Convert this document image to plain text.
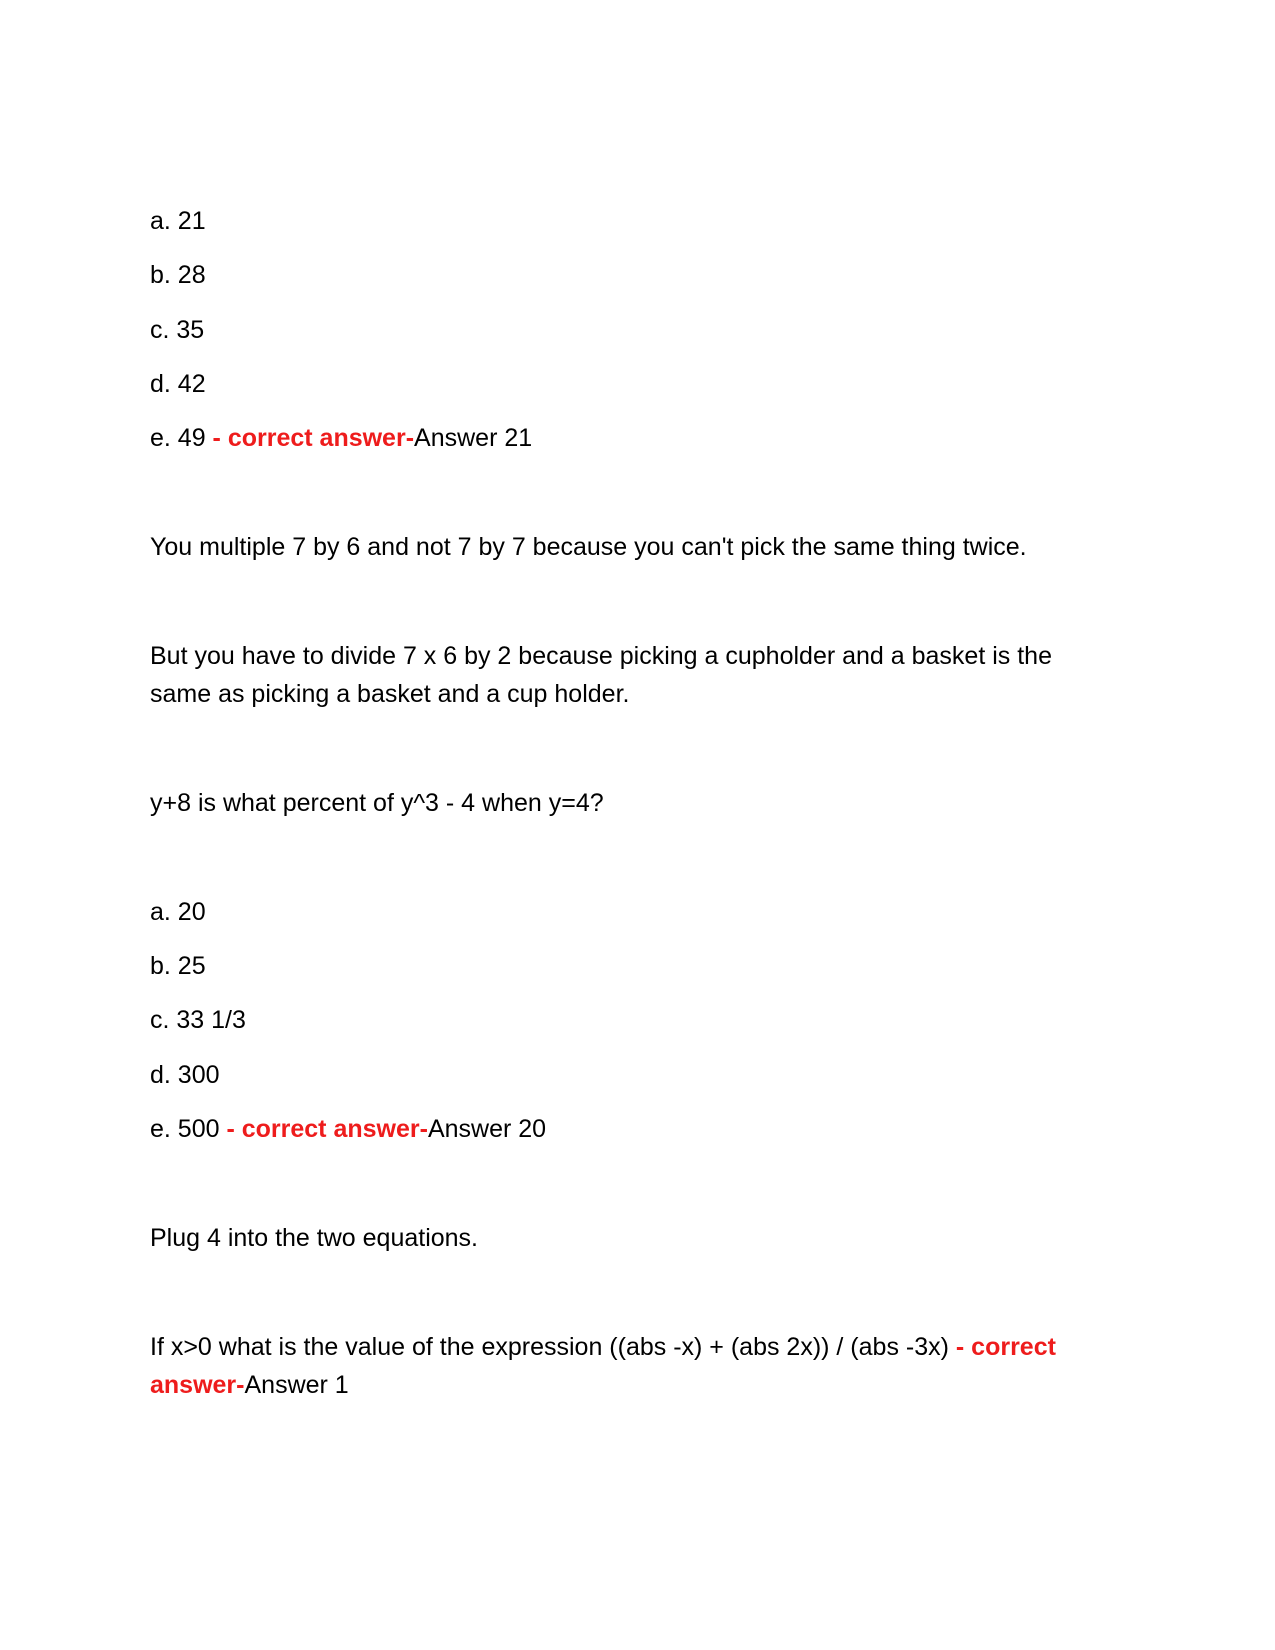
a. 21
b. 28
c. 35
d. 42
e. 49 - correct answer-Answer 21
You multiple 7 by 6 and not 7 by 7 because you can't pick the same thing twice.
But you have to divide 7 x 6 by 2 because picking a cupholder and a basket is the same as picking a basket and a cup holder.
y+8 is what percent of y^3 - 4 when y=4?
a. 20
b. 25
c. 33 1/3
d. 300
e. 500 - correct answer-Answer 20
Plug 4 into the two equations.
If x>0 what is the value of the expression ((abs -x) + (abs 2x)) / (abs -3x) - correct answer-Answer 1
